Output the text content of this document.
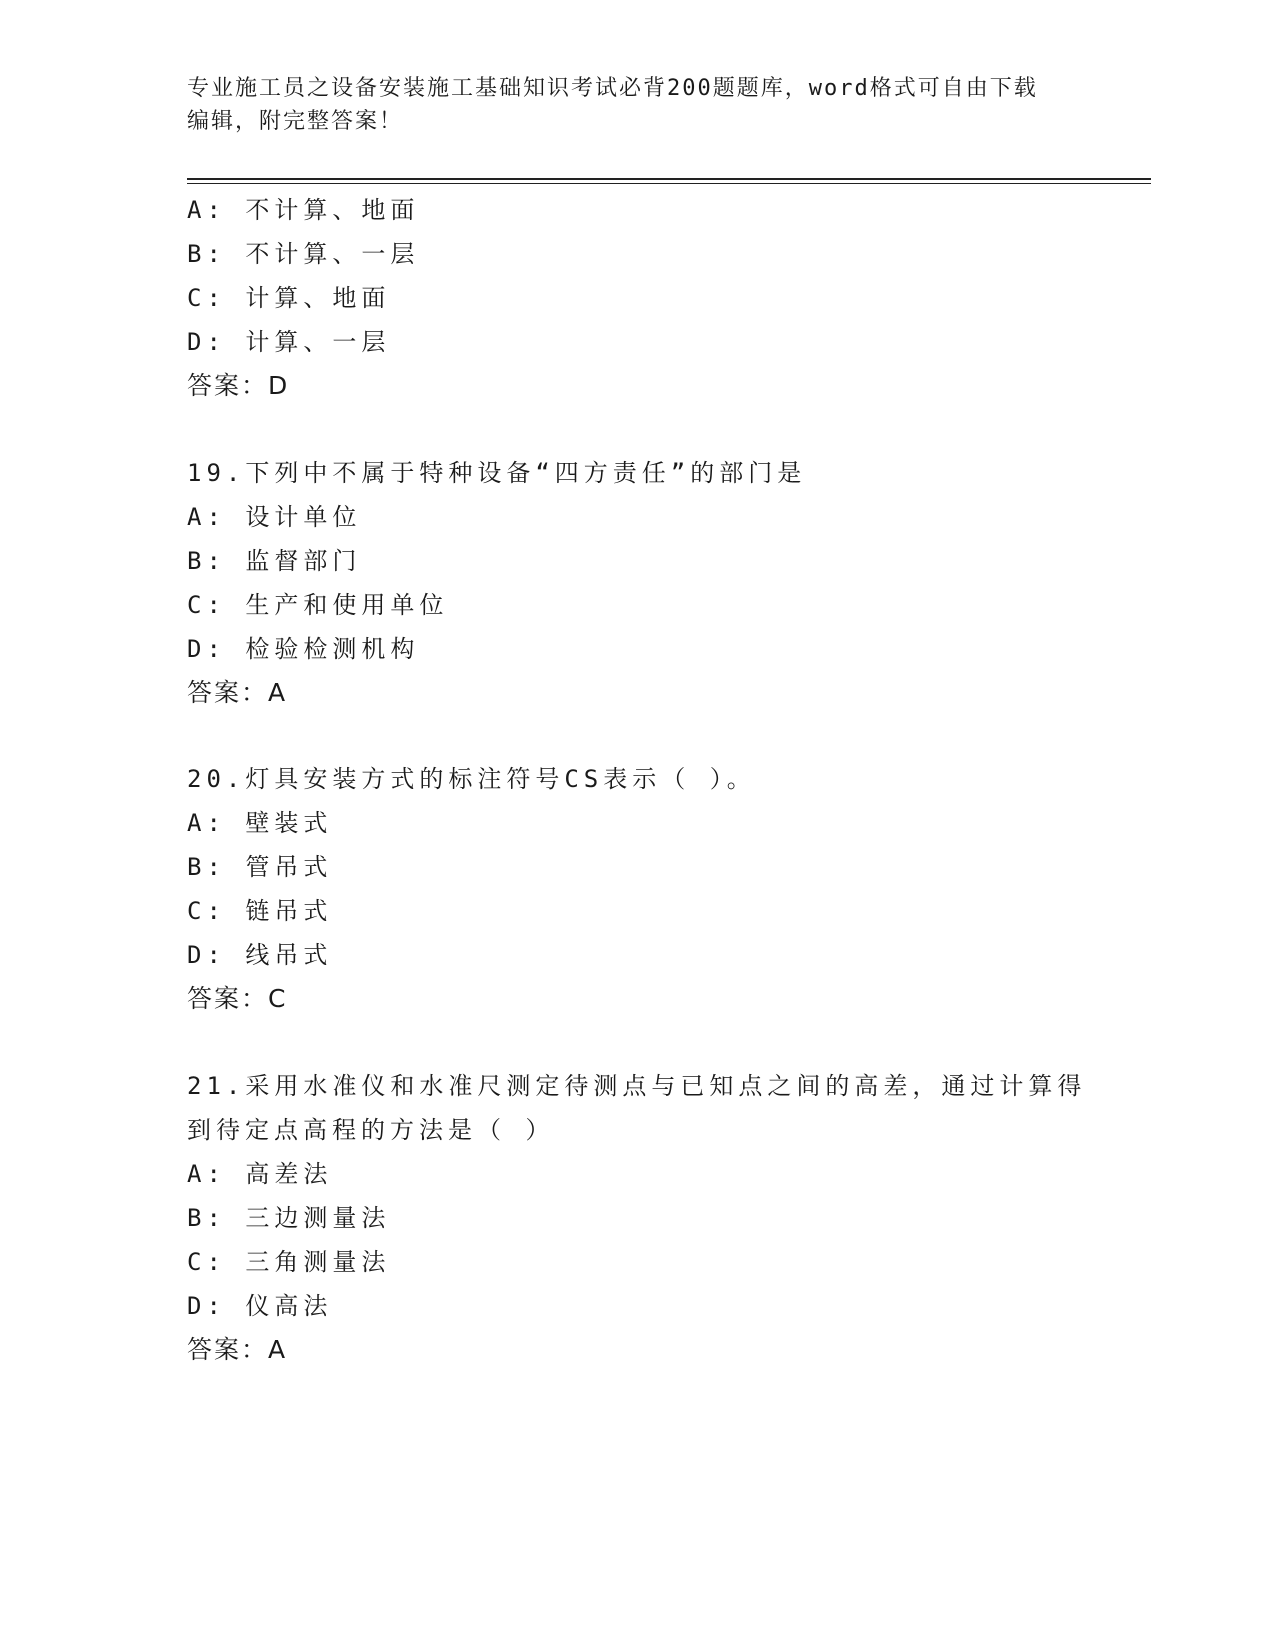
专业施工员之设备安装施工基础知识考试必背200题题库，word格式可自由下载
编辑，附完整答案！
A: 不计算、地面
B: 不计算、一层
C: 计算、地面
D: 计算、一层
答案：D
19.下列中不属于特种设备“四方责任”的部门是
A: 设计单位
B: 监督部门
C: 生产和使用单位
D: 检验检测机构
答案：A
20.灯具安装方式的标注符号CS表示（ ）。
A: 壁装式
B: 管吊式
C: 链吊式
D: 线吊式
答案：C
21.采用水准仪和水准尺测定待测点与已知点之间的高差，通过计算得
到待定点高程的方法是（ ）
A: 高差法
B: 三边测量法
C: 三角测量法
D: 仪高法
答案：A
